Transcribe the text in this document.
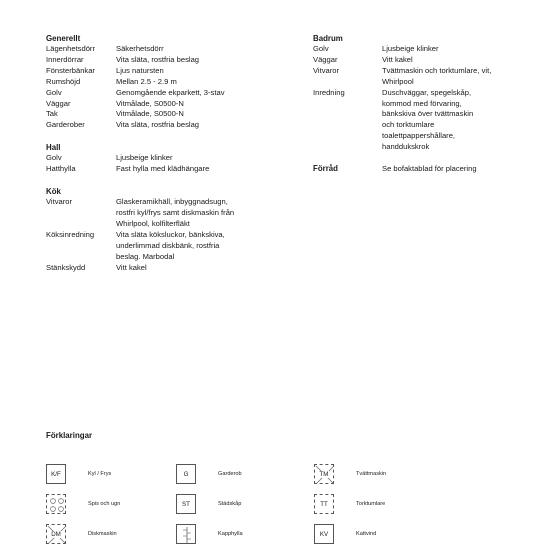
Generellt

Lägenhetsdörr	Säkerhetsdörr
Innerdörrar	Vita släta, rostfria beslag
Fönsterbänkar	Ljus natursten
Rumshöjd	Mellan 2.5 - 2.9 m
Golv	Genomgående ekparkett, 3-stav
Väggar	Vitmålade, S0500-N
Tak	Vitmålade, S0500-N
Garderober	Vita släta, rostfria beslag

Hall

Golv	Ljusbeige klinker
Hatthylla	Fast hylla med klädhängare

Kök

Vitvaror	Glaskeramikhäll, inbyggnadsugn, rostfri kyl/frys samt diskmaskin från Whirlpool, kolfilterfläkt
Köksinredning	Vita släta köksluckor, bänkskiva, underlimmad diskbänk, rostfria beslag. Marbodal
Stänkskydd	Vitt kakel

Badrum

Golv	Ljusbeige klinker
Väggar	Vitt kakel
Vitvaror	Tvättmaskin och torktumlare, vit, Whirlpool
Inredning	Duschväggar, spegelskåp, kommod med förvaring, bänkskiva över tvättmaskin och torktumlare toalettpappershållare, handdukskrok
Förråd	Se bofaktablad för placering

Förklaringar

K/F	Kyl / Frys
Spis och ugn
DM	Diskmaskin
G	Garderob
ST	Städskåp
Kapphylla
TM	Tvättmaskin
TT	Torktumlare
KV	Kattvind
